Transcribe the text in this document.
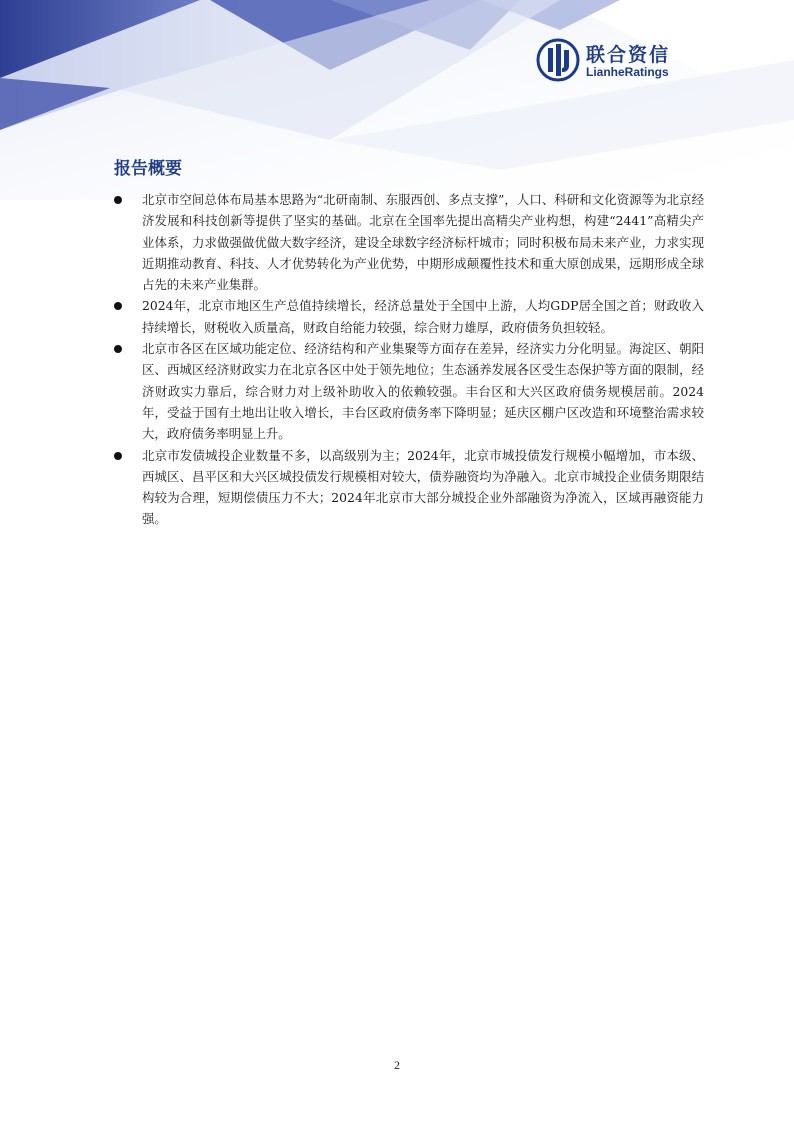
联合资信
LianheRatings
报告概要
北京市空间总体布局基本思路为“北研南制、东服西创、多点支撑”，人口、科研和文化资源等为北京经济发展和科技创新等提供了坚实的基础。北京在全国率先提出高精尖产业构想，构建“2441”高精尖产业体系，力求做强做优做大数字经济，建设全球数字经济标杆城市；同时积极布局未来产业，力求实现近期推动教育、科技、人才优势转化为产业优势，中期形成颠覆性技术和重大原创成果，远期形成全球占先的未来产业集群。
2024年，北京市地区生产总值持续增长，经济总量处于全国中上游，人均GDP居全国之首；财政收入持续增长，财税收入质量高，财政自给能力较强，综合财力雄厚，政府债务负担较轻。
北京市各区在区域功能定位、经济结构和产业集聚等方面存在差异，经济实力分化明显。海淀区、朝阳区、西城区经济财政实力在北京各区中处于领先地位；生态涵养发展各区受生态保护等方面的限制，经济财政实力靠后，综合财力对上级补助收入的依赖较强。丰台区和大兴区政府债务规模居前。2024年，受益于国有土地出让收入增长，丰台区政府债务率下降明显；延庆区棚户区改造和环境整治需求较大，政府债务率明显上升。
北京市发债城投企业数量不多，以高级别为主；2024年，北京市城投债发行规模小幅增加，市本级、西城区、昌平区和大兴区城投债发行规模相对较大，债券融资均为净融入。北京市城投企业债务期限结构较为合理，短期偿债压力不大；2024年北京市大部分城投企业外部融资为净流入，区域再融资能力强。
2
